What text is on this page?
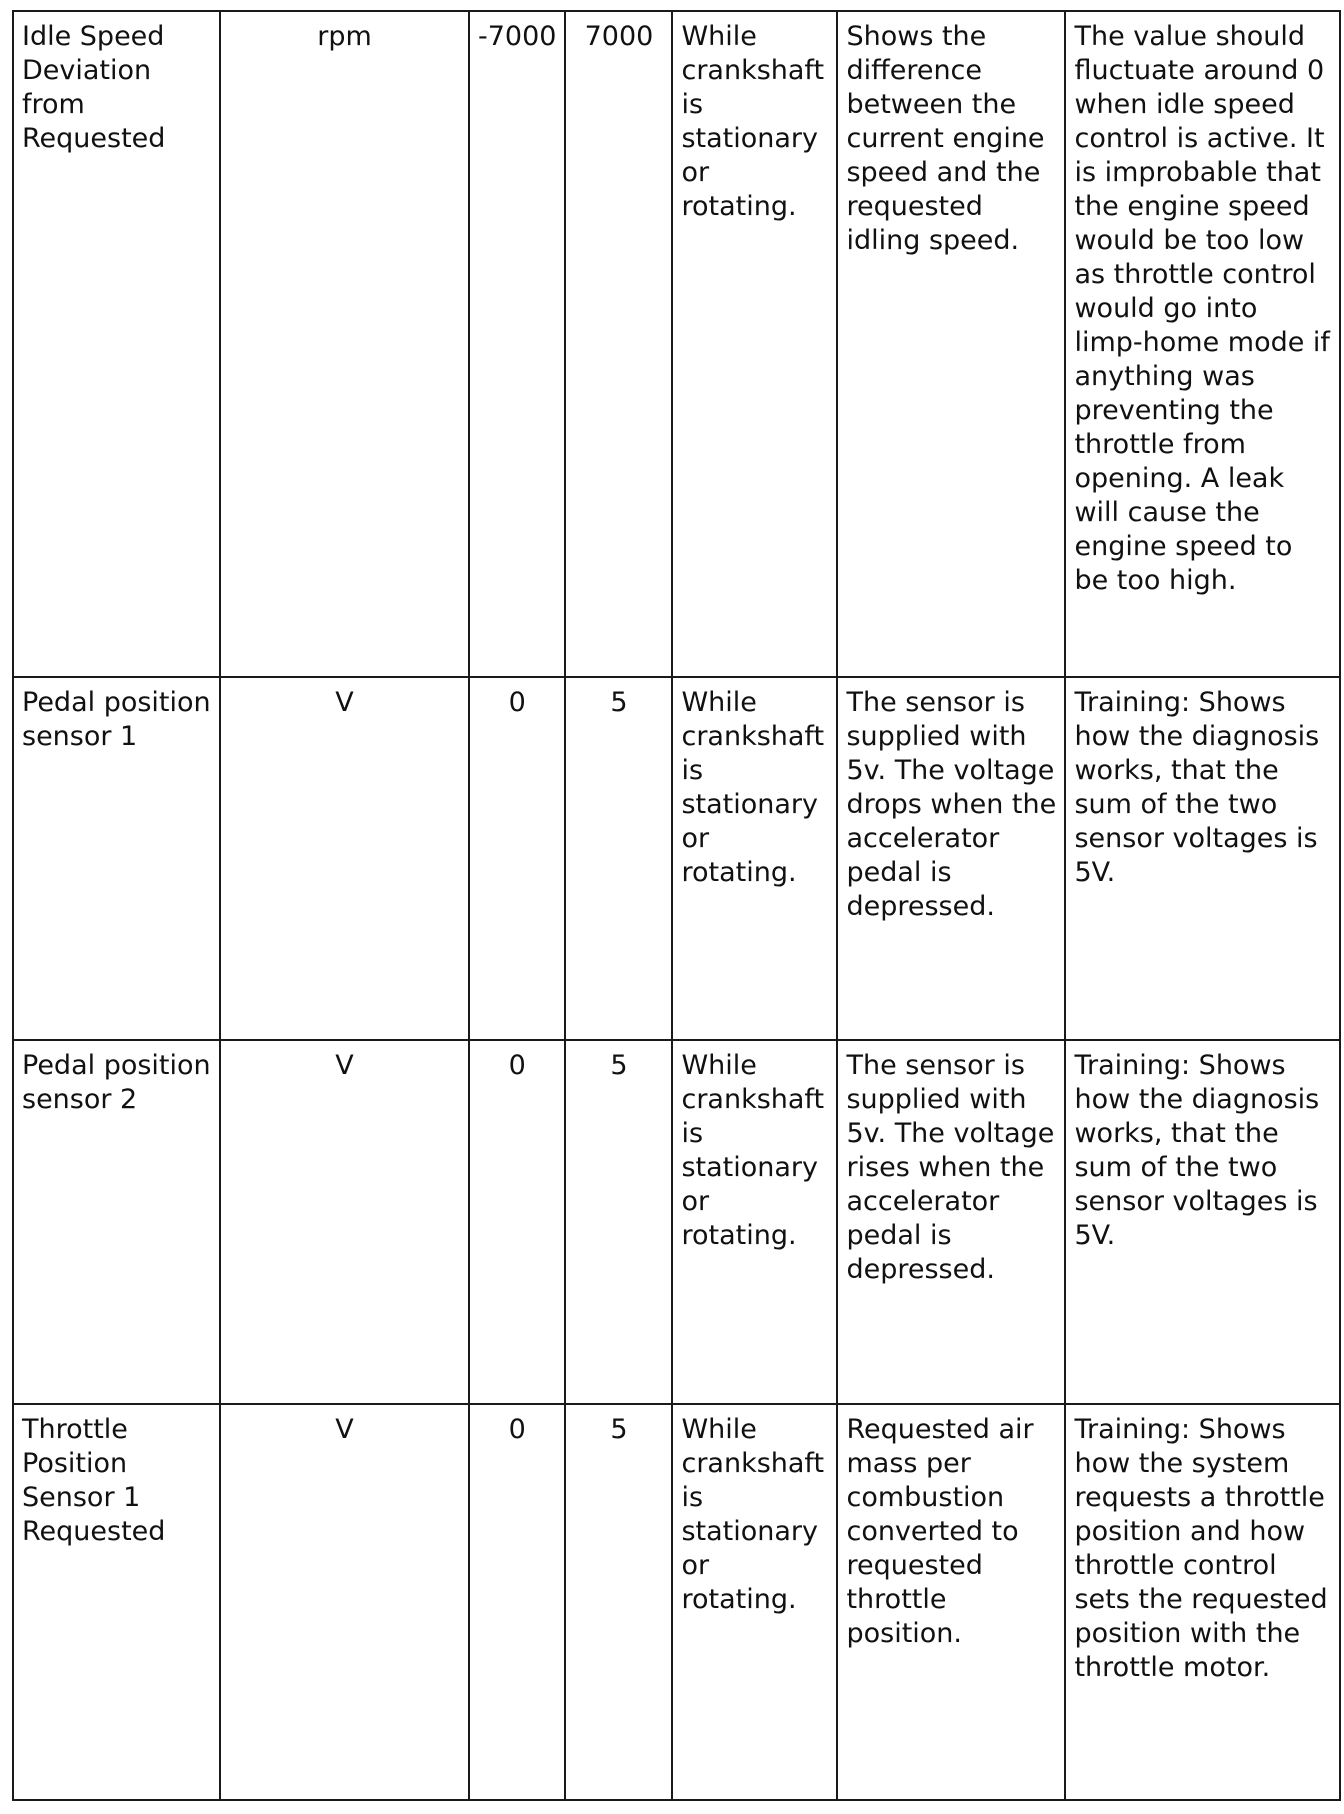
Idle Speed Deviation from Requested	rpm	-7000	7000	While crankshaft is stationary or rotating.	Shows the difference between the current engine speed and the requested idling speed.	The value should fluctuate around 0 when idle speed control is active. It is improbable that the engine speed would be too low as throttle control would go into limp-home mode if anything was preventing the throttle from opening. A leak will cause the engine speed to be too high.
Pedal position sensor 1	V	0	5	While crankshaft is stationary or rotating.	The sensor is supplied with 5v. The voltage drops when the accelerator pedal is depressed.	Training: Shows how the diagnosis works, that the sum of the two sensor voltages is 5V.
Pedal position sensor 2	V	0	5	While crankshaft is stationary or rotating.	The sensor is supplied with 5v. The voltage rises when the accelerator pedal is depressed.	Training: Shows how the diagnosis works, that the sum of the two sensor voltages is 5V.
Throttle Position Sensor 1 Requested	V	0	5	While crankshaft is stationary or rotating.	Requested air mass per combustion converted to requested throttle position.	Training: Shows how the system requests a throttle position and how throttle control sets the requested position with the throttle motor.
